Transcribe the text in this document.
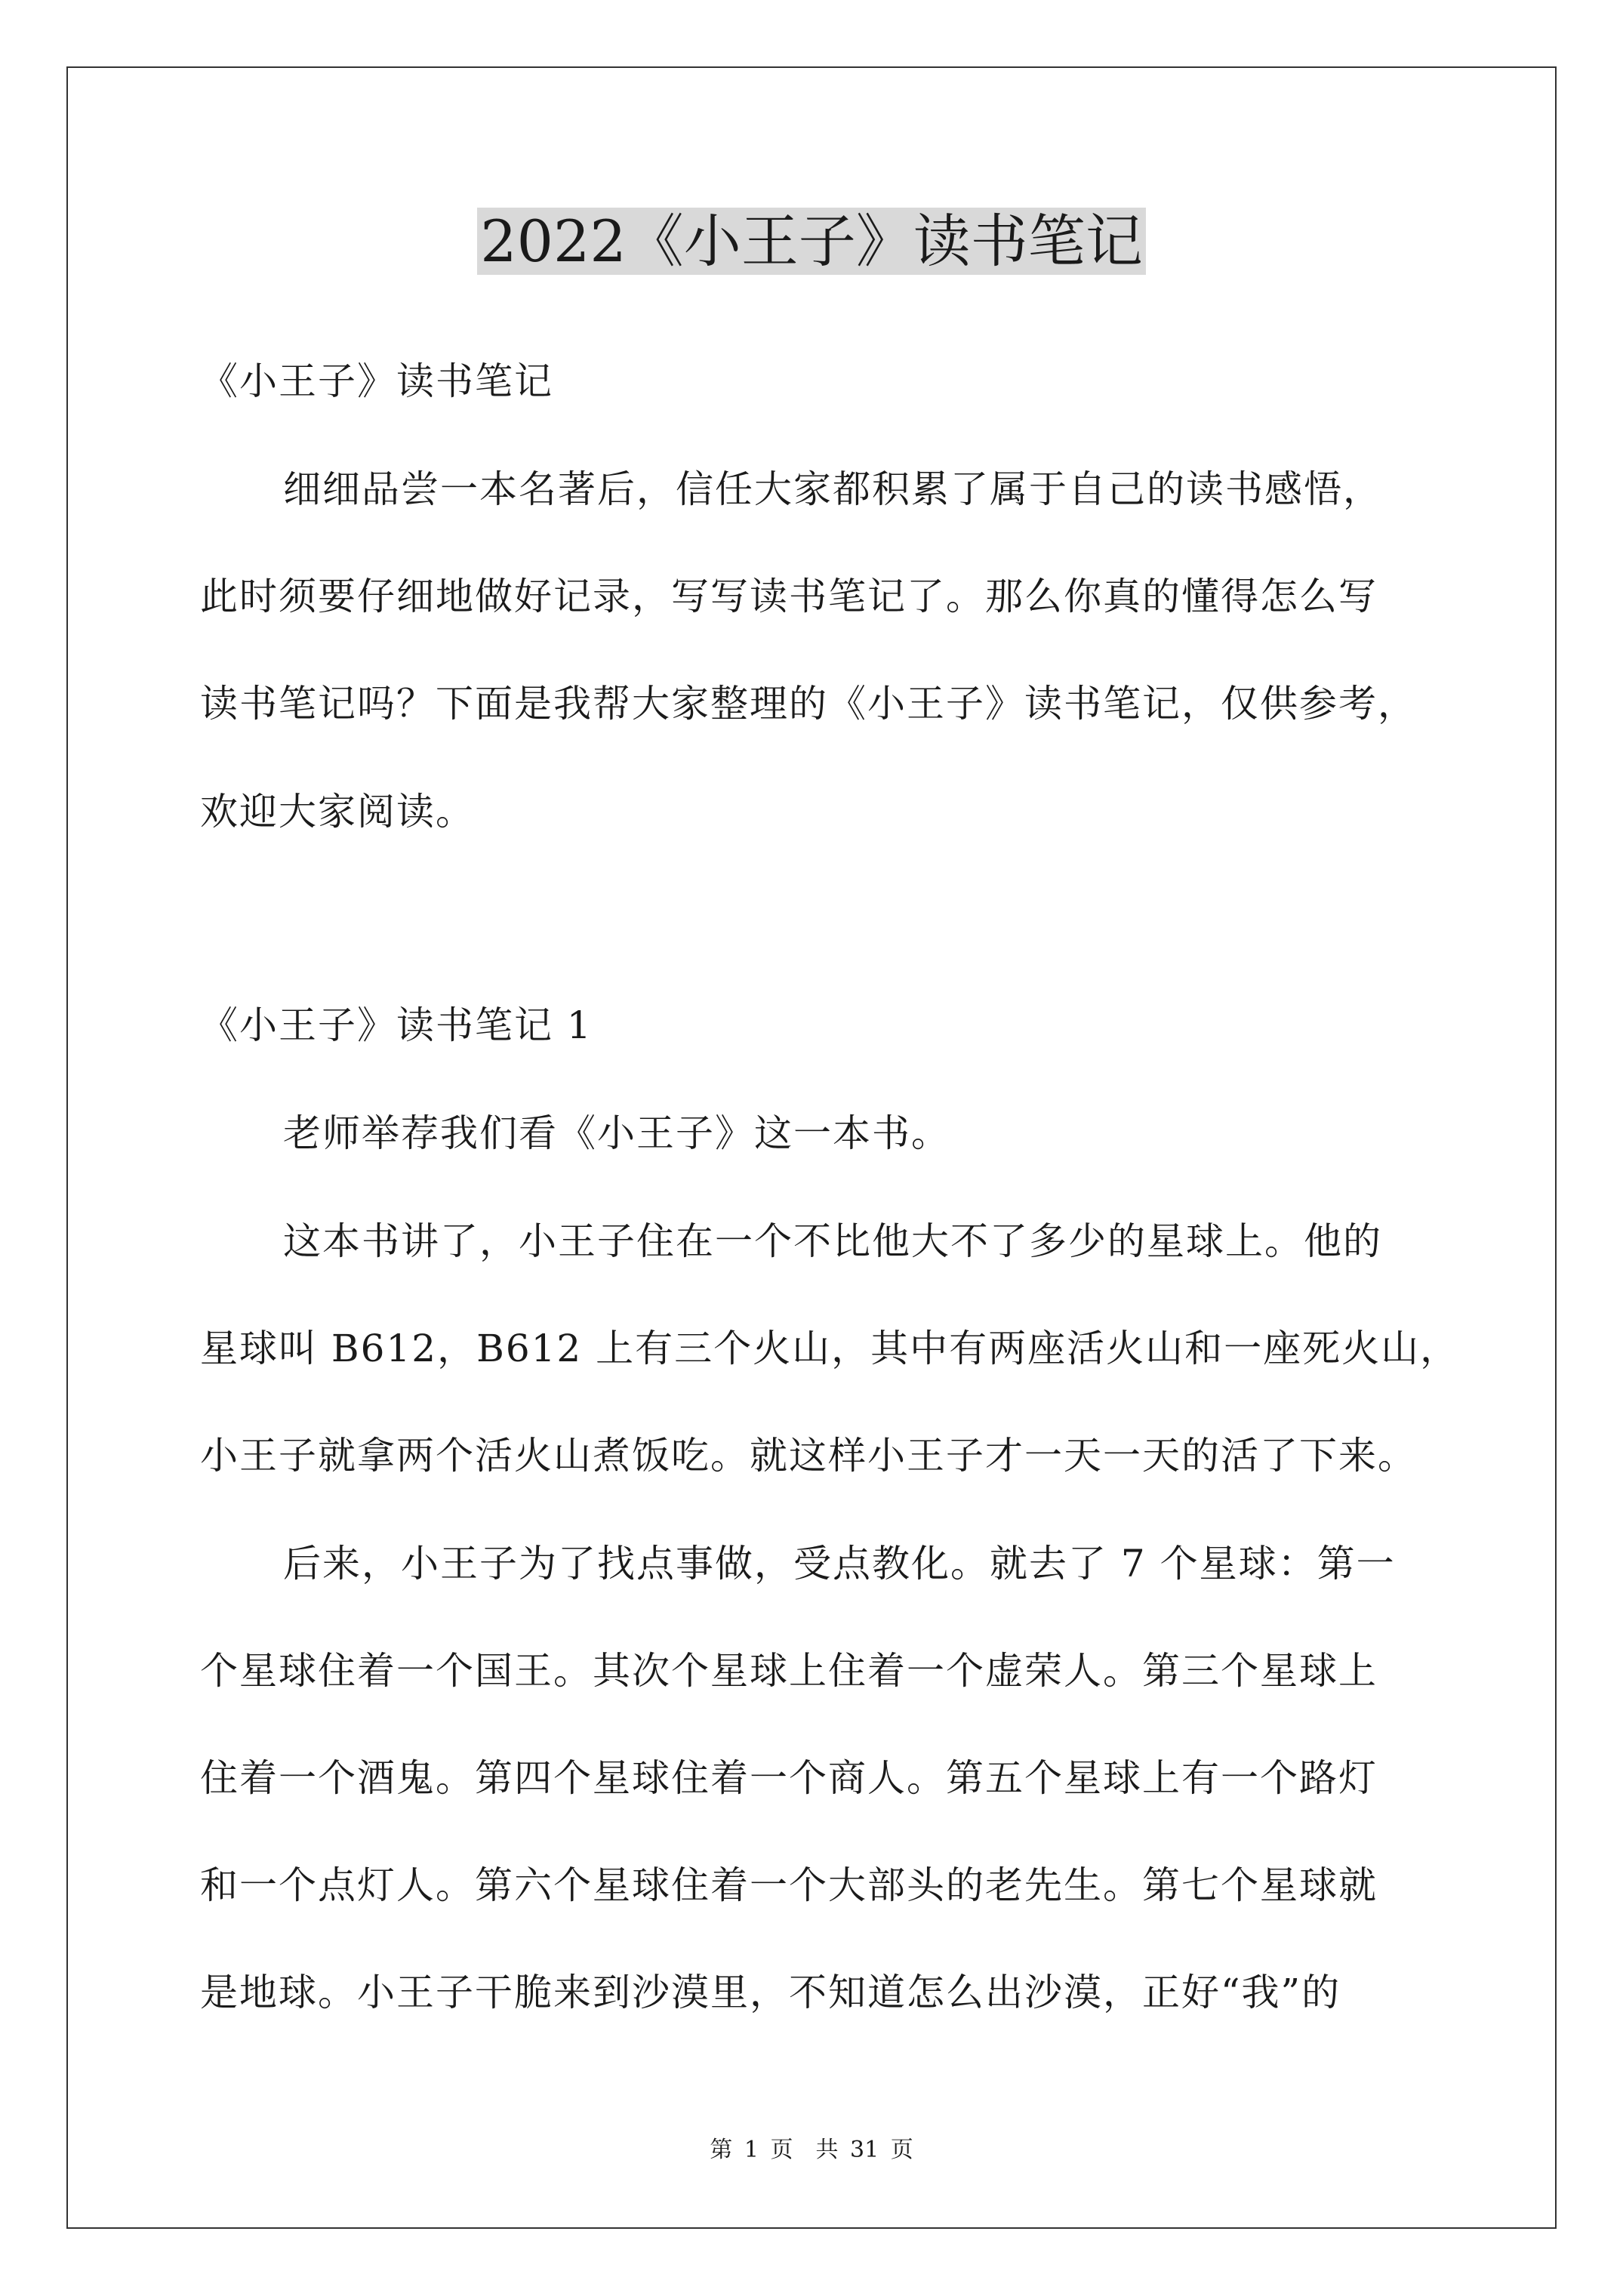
2022《小王子》读书笔记
《小王子》读书笔记
细细品尝一本名著后，信任大家都积累了属于自己的读书感悟，
此时须要仔细地做好记录，写写读书笔记了。那么你真的懂得怎么写
读书笔记吗？下面是我帮大家整理的《小王子》读书笔记，仅供参考，
欢迎大家阅读。
《小王子》读书笔记 1
老师举荐我们看《小王子》这一本书。
这本书讲了，小王子住在一个不比他大不了多少的星球上。他的
星球叫 B612，B612 上有三个火山，其中有两座活火山和一座死火山，
小王子就拿两个活火山煮饭吃。就这样小王子才一天一天的活了下来。
后来，小王子为了找点事做，受点教化。就去了 7 个星球：第一
个星球住着一个国王。其次个星球上住着一个虚荣人。第三个星球上
住着一个酒鬼。第四个星球住着一个商人。第五个星球上有一个路灯
和一个点灯人。第六个星球住着一个大部头的老先生。第七个星球就
是地球。小王子干脆来到沙漠里，不知道怎么出沙漠，正好“我”的
第 1 页　共 31 页
